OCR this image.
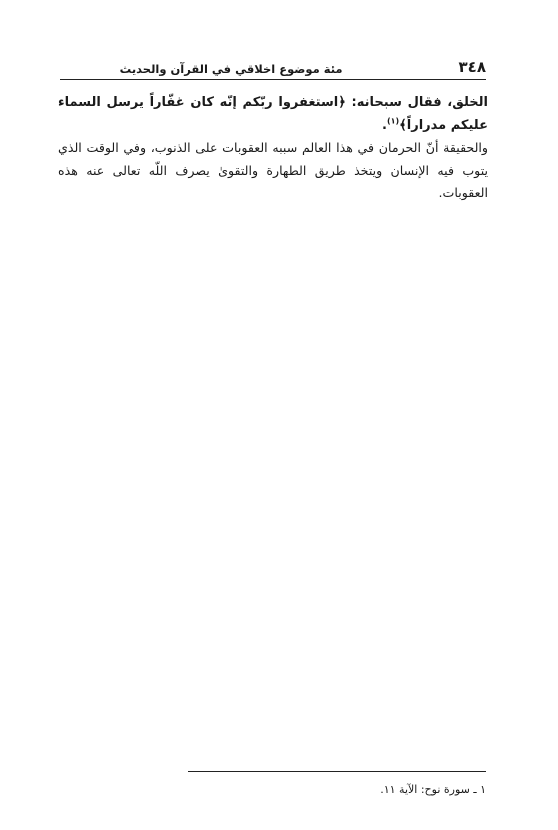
٣٤٨
مئة موضوع اخلاقي في القرآن والحديث

الخلق، فقال سبحانه: ﴿استغفروا ربّكم إنّه كان غفّاراً يرسل السماء عليكم مدراراً﴾$^{(١)}$.

والحقيقة أنّ الحرمان في هذا العالم سببه العقوبات على الذنوب، وفي الوقت الذي يتوب فيه الإنسان ويتخذ طريق الطهارة والتقوىٰ يصرف اللّه تعالى عنه هذه العقوبات.

١ ـ سورة نوح: الآية ١١.
